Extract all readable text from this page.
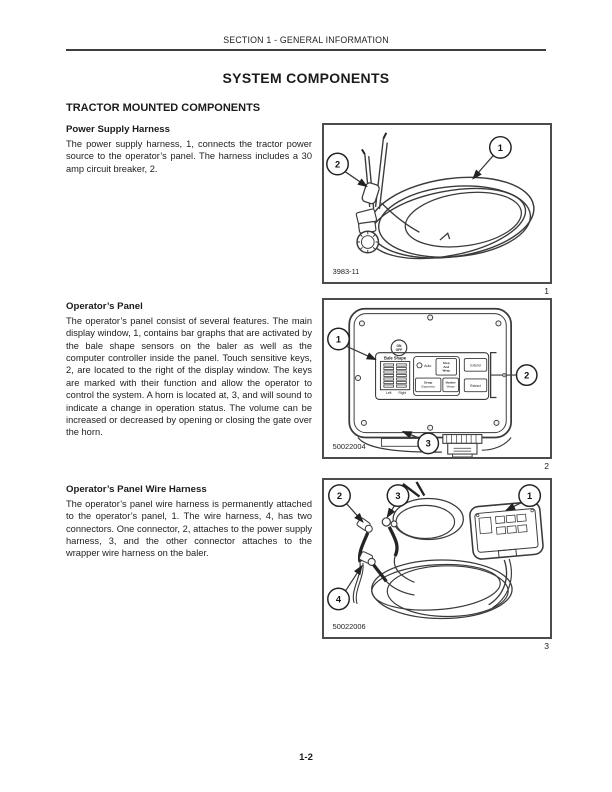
SECTION 1 - GENERAL INFORMATION
SYSTEM COMPONENTS
TRACTOR MOUNTED COMPONENTS
Power Supply Harness
The power supply harness, 1, connects the tractor power source to the operator’s panel. The harness includes a 30 amp circuit breaker, 2.
1
2
3983-11
1
Operator’s Panel
The operator’s panel consist of several features. The main display window, 1, contains bar graphs that are activated by the bale shape sensors on the baler as well as the computer controller inside the panel. Touch sensitive keys, 2, are located to the right of the display window. The keys are marked with their function and allow the operator to control the system. A horn is located at, 3, and will sound to indicate a change in operation status. The volume can be increased or decreased by opening or closing the gate over the horn.
ON
OFF
Bale Shape
Left Right
Auto
Stop
And
Wrap
Setup
Diagnostics
Number
Wraps
Extend
Retract
1
2
3
50022004
2
Operator’s Panel Wire Harness
The operator’s panel wire harness is permanently attached to the operator’s panel, 1. The wire harness, 4, has two connectors. One connector, 2, attaches to the power supply harness, 3, and the other connector attaches to the wrapper wire harness on the baler.
2	3	1
4
50022006
3
1-2
